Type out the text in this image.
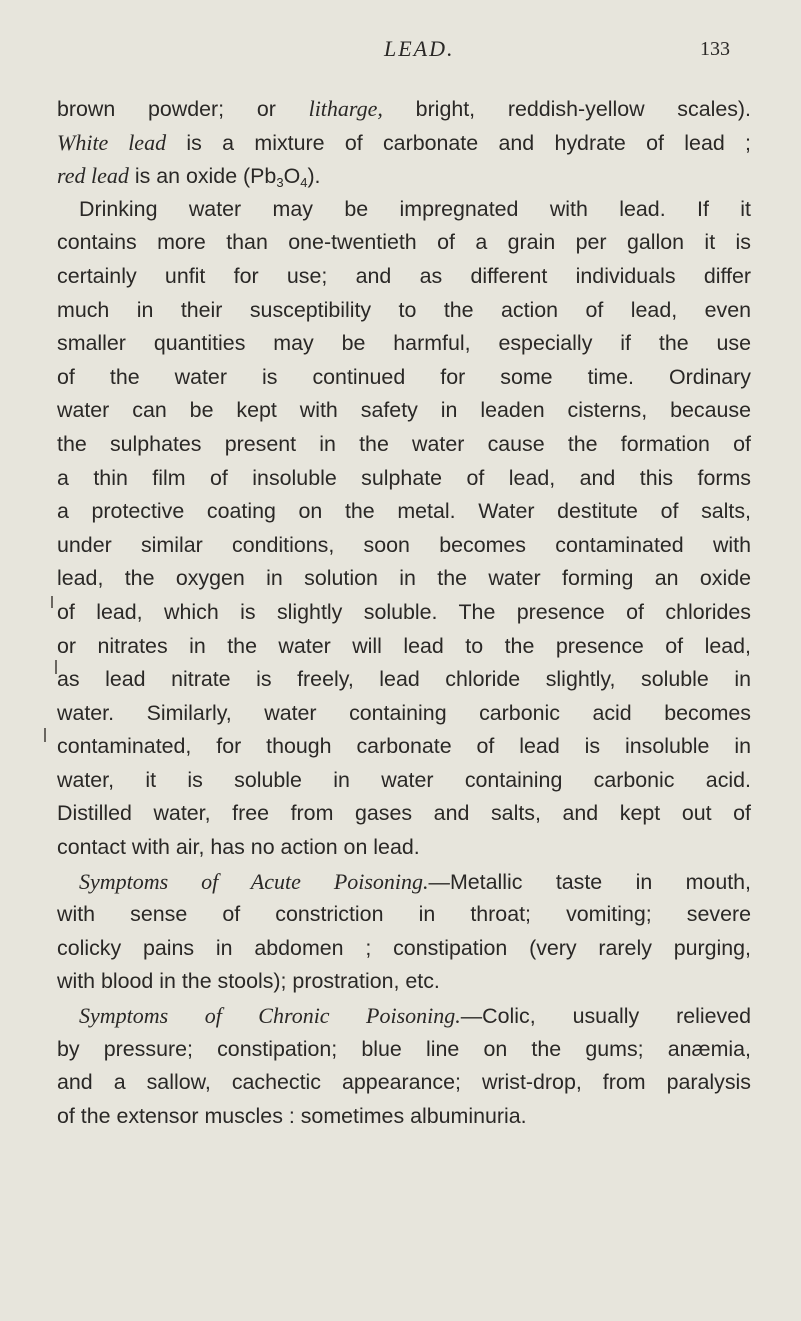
LEAD.	133
brown powder; or litharge, bright, reddish-yellow scales).
White lead is a mixture of carbonate and hydrate of lead ;
red lead is an oxide $(Pb_3O_4)$.
Drinking water may be impregnated with lead. If it
contains more than one-twentieth of a grain per gallon it is
certainly unfit for use; and as different individuals differ
much in their susceptibility to the action of lead, even
smaller quantities may be harmful, especially if the use
of the water is continued for some time. Ordinary
water can be kept with safety in leaden cisterns, because
the sulphates present in the water cause the formation of
a thin film of insoluble sulphate of lead, and this forms
a protective coating on the metal. Water destitute of salts,
under similar conditions, soon becomes contaminated with
lead, the oxygen in solution in the water forming an oxide
of lead, which is slightly soluble. The presence of chlorides
or nitrates in the water will lead to the presence of lead,
as lead nitrate is freely, lead chloride slightly, soluble in
water. Similarly, water containing carbonic acid becomes
contaminated, for though carbonate of lead is insoluble in
water, it is soluble in water containing carbonic acid.
Distilled water, free from gases and salts, and kept out of
contact with air, has no action on lead.
Symptoms of Acute Poisoning.—Metallic taste in mouth,
with sense of constriction in throat; vomiting; severe
colicky pains in abdomen ; constipation (very rarely purging,
with blood in the stools); prostration, etc.
Symptoms of Chronic Poisoning.—Colic, usually relieved
by pressure; constipation; blue line on the gums; anæmia,
and a sallow, cachectic appearance; wrist-drop, from paralysis
of the extensor muscles : sometimes albuminuria.
